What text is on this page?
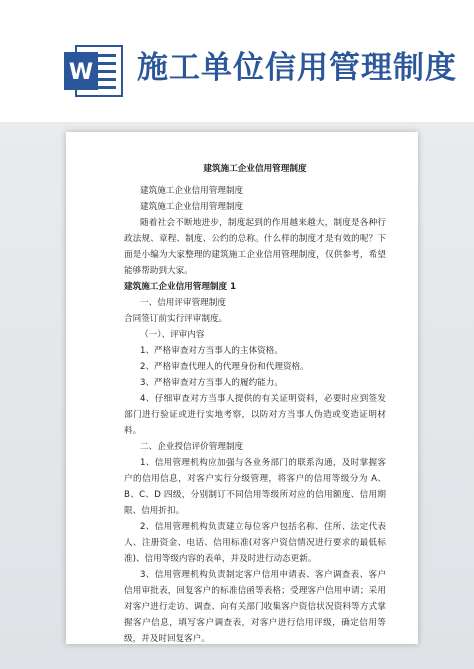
W 施工单位信用管理制度

建筑施工企业信用管理制度

建筑施工企业信用管理制度

建筑施工企业信用管理制度

随着社会不断地进步，制度起到的作用越来越大，制度是各种行政法规、章程、制度、公约的总称。什么样的制度才是有效的呢？下面是小编为大家整理的建筑施工企业信用管理制度，仅供参考，希望能够帮助到大家。

建筑施工企业信用管理制度 1

一、信用评审管理制度

合同签订前实行评审制度。

（一）、评审内容

1、严格审查对方当事人的主体资格。

2、严格审查代理人的代理身份和代理资格。

3、严格审查对方当事人的履约能力。

4、仔细审查对方当事人提供的有关证明资料，必要时应到签发部门进行验证或进行实地考察，以防对方当事人伪造或变造证明材料。

二、企业授信评价管理制度

1、信用管理机构应加强与各业务部门的联系沟通，及时掌握客户的信用信息，对客户实行分级管理，将客户的信用等级分为 A、B、C、D 四级，分别制订不同信用等级所对应的信用额度、信用期限、信用折扣。

2、信用管理机构负责建立每位客户包括名称、住所、法定代表人、注册资金、电话、信用标准(对客户资信情况进行要求的最低标准)、信用等级内容的表单，并及时进行动态更新。

3、信用管理机构负责制定客户信用申请表、客户调查表、客户信用审批表，回复客户的标准信函等表格；受理客户信用申请；采用对客户进行走访、调查、向有关部门收集客户资信状况资料等方式掌握客户信息，填写客户调查表，对客户进行信用评级，确定信用等级，并及时回复客户。
